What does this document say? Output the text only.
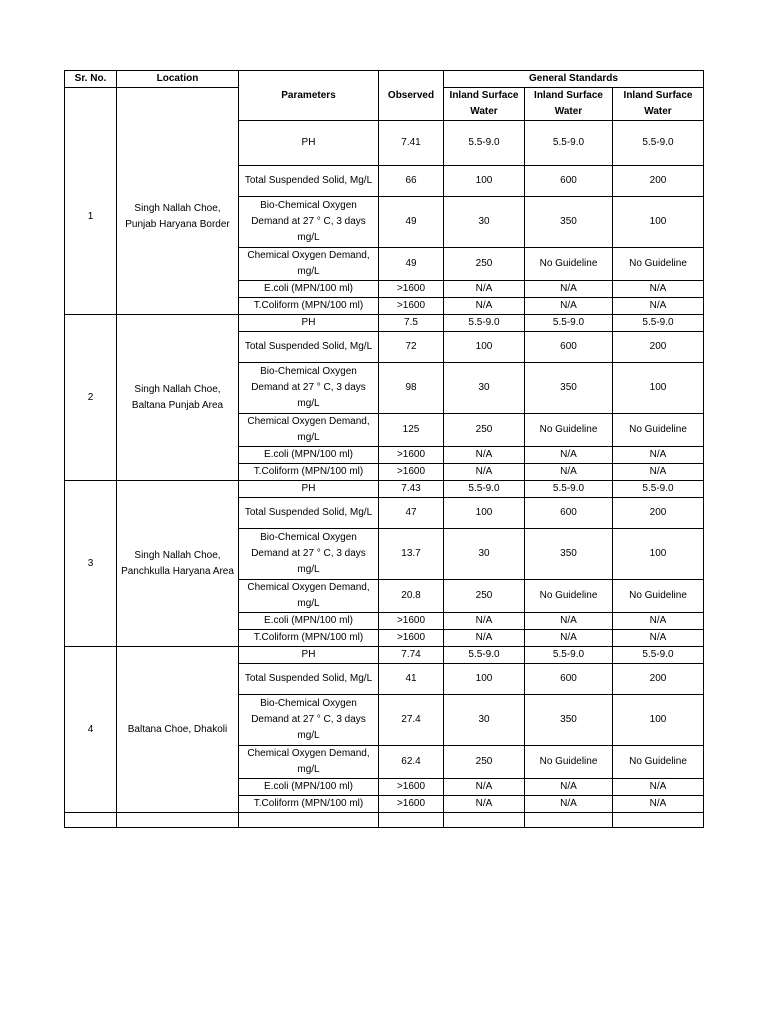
Sr. No.	Location	Parameters	Observed	General Standards		
				Inland Surface Water	Inland Surface Water	Inland Surface Water

1	Singh Nallah Choe, Punjab Haryana Border	PH	7.41	5.5-9.0	5.5-9.0	5.5-9.0
		Total Suspended Solid, Mg/L	66	100	600	200
		Bio-Chemical Oxygen Demand at 27 ° C, 3 days mg/L	49	30	350	100
		Chemical Oxygen Demand, mg/L	49	250	No Guideline	No Guideline
		E.coli (MPN/100 ml)	>1600	N/A	N/A	N/A
		T.Coliform (MPN/100 ml)	>1600	N/A	N/A	N/A
2	Singh Nallah Choe, Baltana Punjab Area	PH	7.5	5.5-9.0	5.5-9.0	5.5-9.0
		Total Suspended Solid, Mg/L	72	100	600	200
		Bio-Chemical Oxygen Demand at 27 ° C, 3 days mg/L	98	30	350	100
		Chemical Oxygen Demand, mg/L	125	250	No Guideline	No Guideline
		E.coli (MPN/100 ml)	>1600	N/A	N/A	N/A
		T.Coliform (MPN/100 ml)	>1600	N/A	N/A	N/A
3	Singh Nallah Choe, Panchkulla Haryana Area	PH	7.43	5.5-9.0	5.5-9.0	5.5-9.0
		Total Suspended Solid, Mg/L	47	100	600	200
		Bio-Chemical Oxygen Demand at 27 ° C, 3 days mg/L	13.7	30	350	100
		Chemical Oxygen Demand, mg/L	20.8	250	No Guideline	No Guideline
		E.coli (MPN/100 ml)	>1600	N/A	N/A	N/A
		T.Coliform (MPN/100 ml)	>1600	N/A	N/A	N/A
4	Baltana Choe, Dhakoli	PH	7.74	5.5-9.0	5.5-9.0	5.5-9.0
		Total Suspended Solid, Mg/L	41	100	600	200
		Bio-Chemical Oxygen Demand at 27 ° C, 3 days mg/L	27.4	30	350	100
		Chemical Oxygen Demand, mg/L	62.4	250	No Guideline	No Guideline
		E.coli (MPN/100 ml)	>1600	N/A	N/A	N/A
		T.Coliform (MPN/100 ml)	>1600	N/A	N/A	N/A
